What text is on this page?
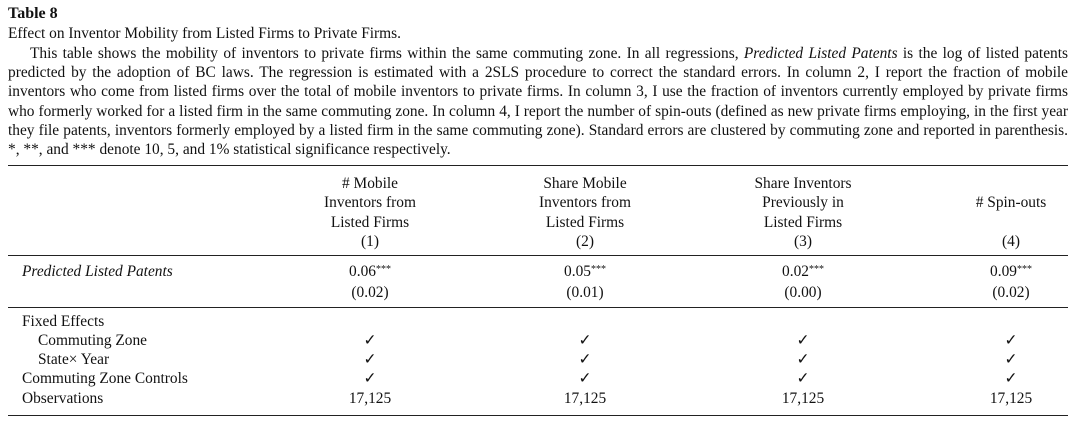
Table 8
Effect on Inventor Mobility from Listed Firms to Private Firms.

This table shows the mobility of inventors to private firms within the same commuting zone. In all regressions, Predicted Listed Patents is the log of listed patents predicted by the adoption of BC laws. The regression is estimated with a 2SLS procedure to correct the standard errors. In column 2, I report the fraction of mobile inventors who come from listed firms over the total of mobile inventors to private firms. In column 3, I use the fraction of inventors currently employed by private firms who formerly worked for a listed firm in the same commuting zone. In column 4, I report the number of spin-outs (defined as new private firms employing, in the first year they file patents, inventors formerly employed by a listed firm in the same commuting zone). Standard errors are clustered by commuting zone and reported in parenthesis. *, **, and *** denote 10, 5, and 1% statistical significance respectively.

# Mobile
Inventors from
Listed Firms
(1)
Share Mobile
Inventors from
Listed Firms
(2)
Share Inventors
Previously in
Listed Firms
(3)
# Spin-outs
(4)
Predicted Listed Patents	0.06***	0.05***	0.02***	0.09***
(0.02)	(0.01)	(0.00)	(0.02)
Fixed Effects
Commuting Zone	✓	✓	✓	✓
State× Year	✓	✓	✓	✓
Commuting Zone Controls	✓	✓	✓	✓
Observations	17,125	17,125	17,125	17,125
